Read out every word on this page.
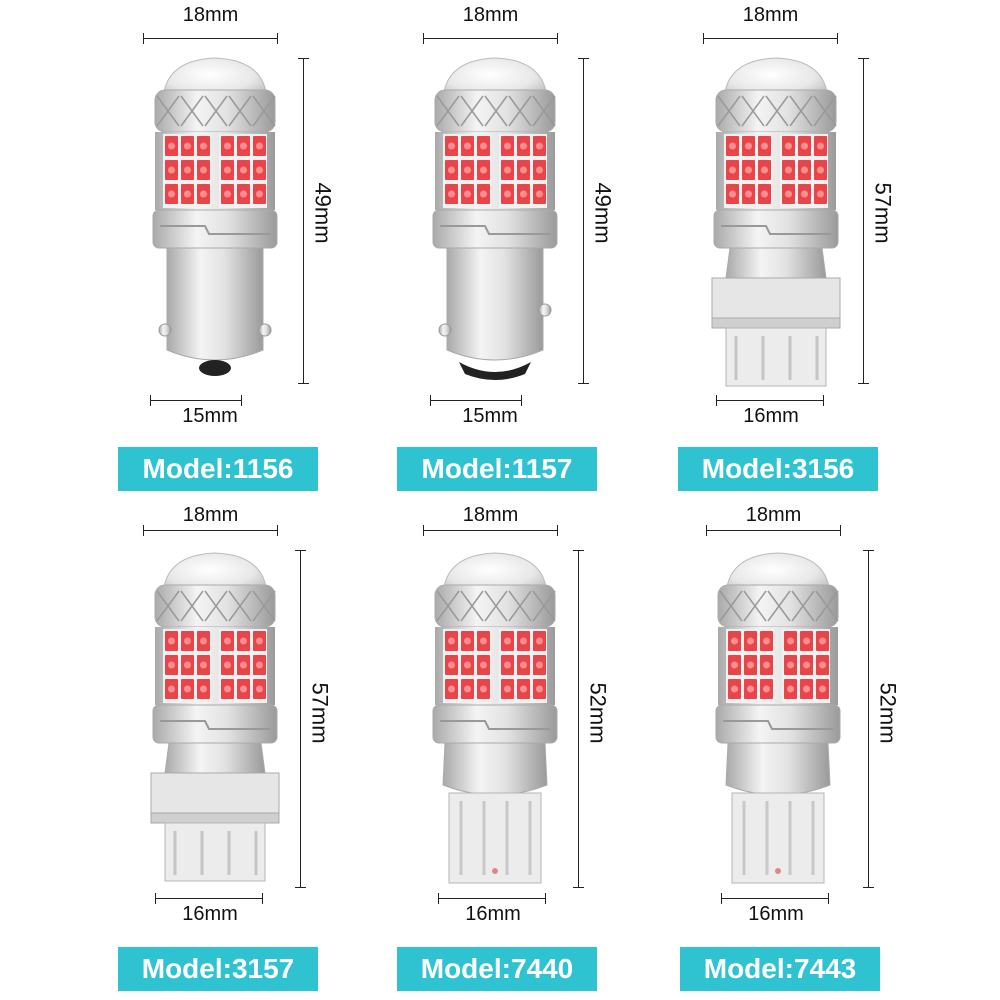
18mm
49mm
15mm
Model:1156
18mm
49mm
15mm
Model:1157
18mm
57mm
16mm
Model:3156
18mm
57mm
16mm
Model:3157
18mm
52mm
16mm
Model:7440
18mm
52mm
16mm
Model:7443
